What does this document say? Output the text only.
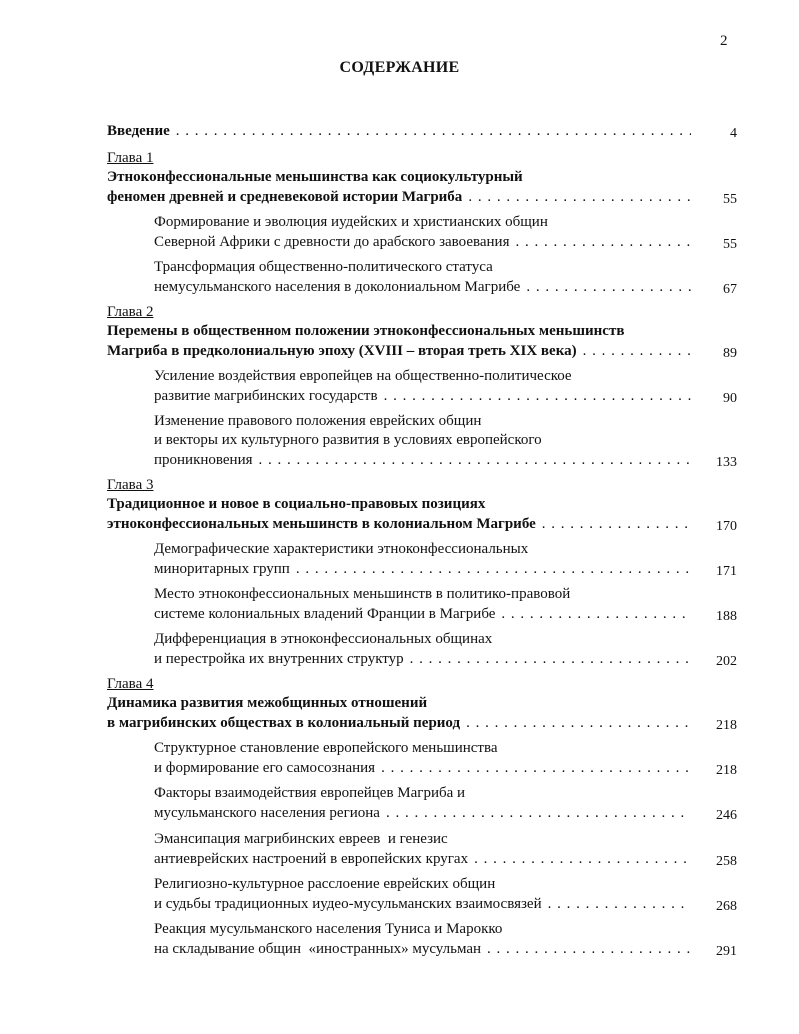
2
СОДЕРЖАНИЕ
Введение . . .	4
Глава 1
Этноконфессиональные меньшинства как социокультурный
феномен древней и средневековой истории Магриба . . .	55
Формирование и эволюция иудейских и христианских общин
Северной Африки с древности до арабского завоевания . . .	55
Трансформация общественно-политического статуса
немусульманского населения в доколониальном Магрибе . . .	67
Глава 2
Перемены в общественном положении этноконфессиональных меньшинств
Магриба в предколониальную эпоху (XVIII – вторая треть XIX века) . . .	89
Усиление воздействия европейцев на общественно-политическое
развитие магрибинских государств . . .	90
Изменение правового положения еврейских общин
и векторы их культурного развития в условиях европейского
проникновения . . .	133
Глава 3
Традиционное и новое в социально-правовых позициях
этноконфессиональных меньшинств в колониальном Магрибе . . .	170
Демографические характеристики этноконфессиональных
миноритарных групп . . .	171
Место этноконфессиональных меньшинств в политико-правовой
системе колониальных владений Франции в Магрибе . . .	188
Дифференциация в этноконфессиональных общинах
и перестройка их внутренних структур . . .	202
Глава 4
Динамика развития межобщинных отношений
в магрибинских обществах в колониальный период . . .	218
Структурное становление европейского меньшинства
и формирование его самосознания . . .	218
Факторы взаимодействия европейцев Магриба и
мусульманского населения региона . . .	246
Эмансипация магрибинских евреев  и генезис
антиеврейских настроений в европейских кругах . . .	258
Религиозно-культурное расслоение еврейских общин
и судьбы традиционных иудео-мусульманских взаимосвязей . . .	268
Реакция мусульманского населения Туниса и Марокко
на складывание общин  «иностранных» мусульман . . .	291
